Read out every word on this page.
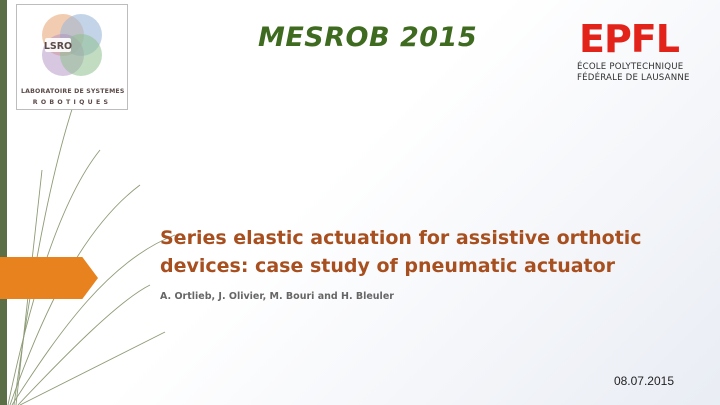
LSRO
LABORATOIRE DE SYSTEMES
ROBOTIQUES
MESROB 2015	EPFL
ÉCOLE POLYTECHNIQUE
FÉDÉRALE DE LAUSANNE
Series elastic actuation for assistive orthotic
devices: case study of pneumatic actuator
A. Ortlieb, J. Olivier, M. Bouri and H. Bleuler
08.07.2015
